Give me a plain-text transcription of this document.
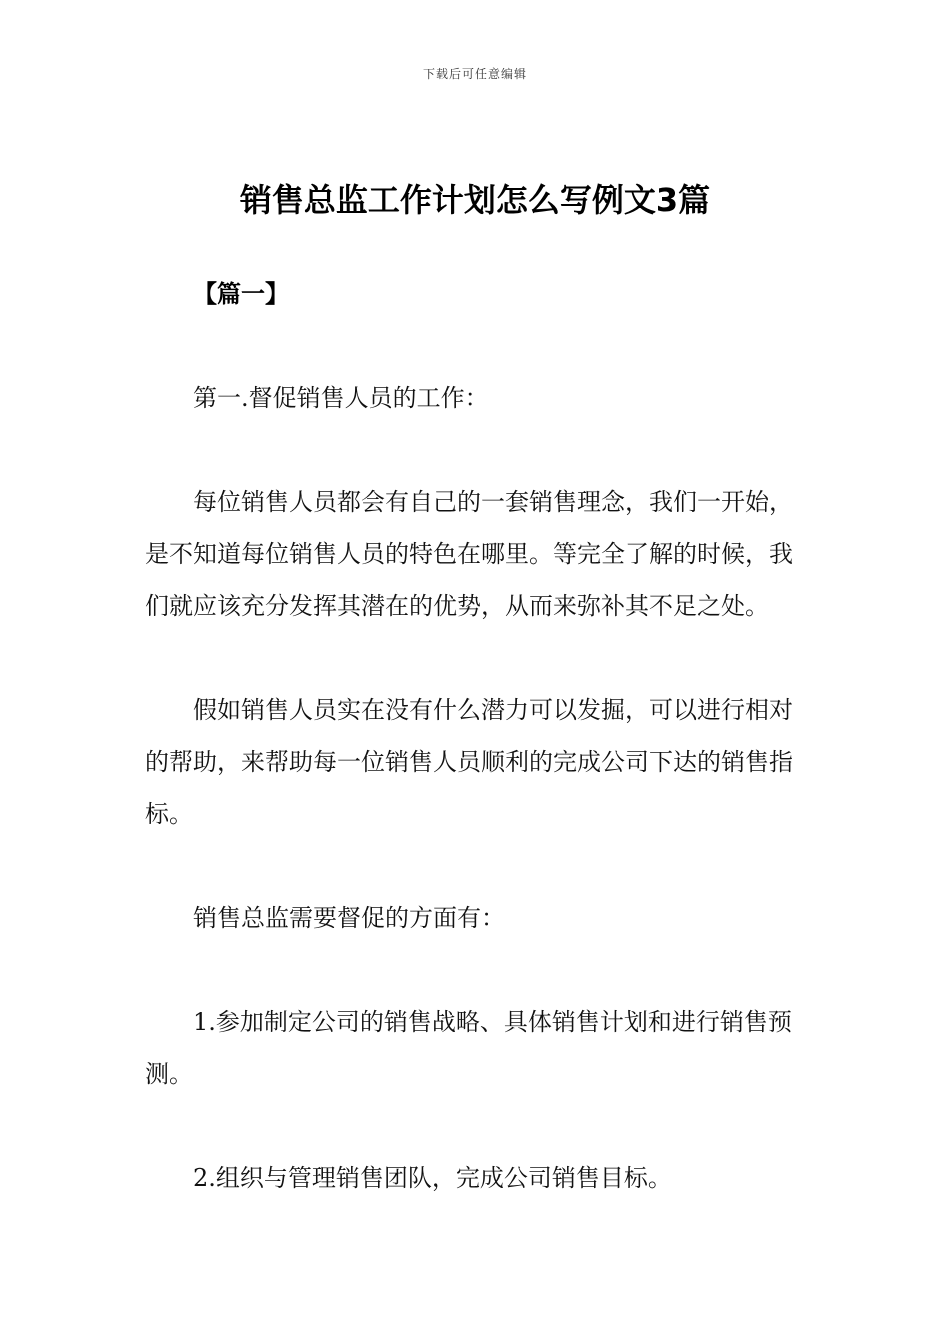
下载后可任意编辑
销售总监工作计划怎么写例文3篇

【篇一】

第一.督促销售人员的工作：

每位销售人员都会有自己的一套销售理念，我们一开始，是不知道每位销售人员的特色在哪里。等完全了解的时候，我们就应该充分发挥其潜在的优势，从而来弥补其不足之处。

假如销售人员实在没有什么潜力可以发掘，可以进行相对的帮助，来帮助每一位销售人员顺利的完成公司下达的销售指标。

销售总监需要督促的方面有：

1.参加制定公司的销售战略、具体销售计划和进行销售预测。

2.组织与管理销售团队，完成公司销售目标。
